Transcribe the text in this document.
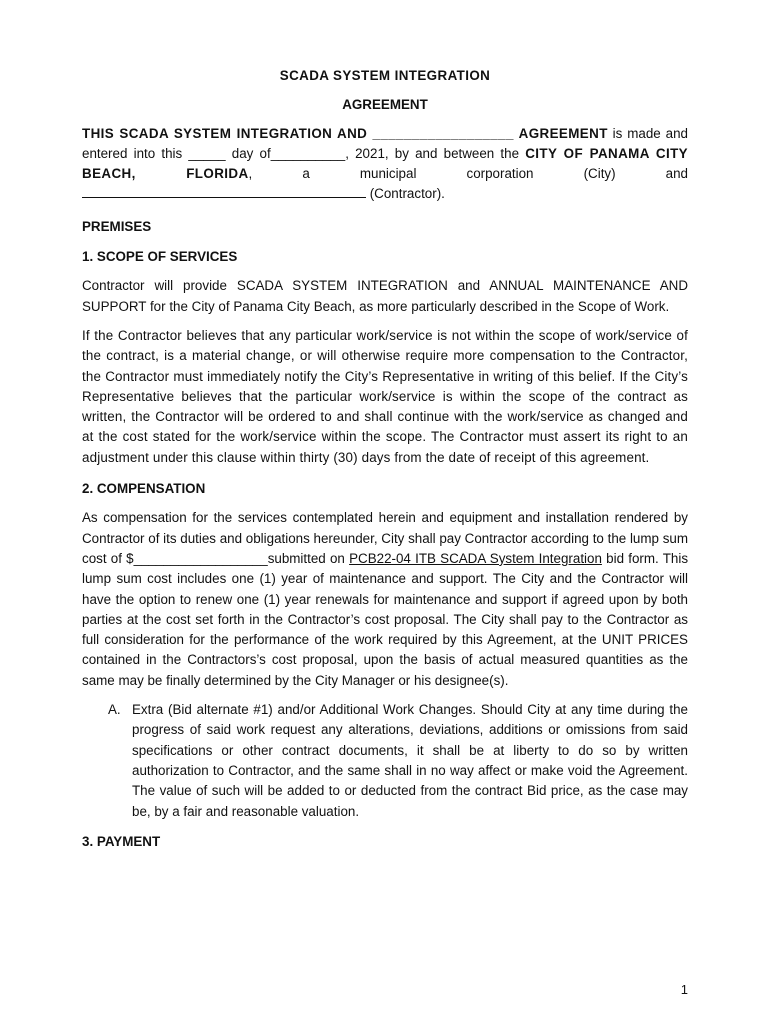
SCADA SYSTEM INTEGRATION
AGREEMENT

THIS SCADA SYSTEM INTEGRATION AND __________________ AGREEMENT is made and entered into this _____ day of__________, 2021, by and between the CITY OF PANAMA CITY BEACH, FLORIDA, a municipal corporation (City) and  (Contractor).

PREMISES
1. SCOPE OF SERVICES

Contractor will provide SCADA SYSTEM INTEGRATION and ANNUAL MAINTENANCE AND SUPPORT for the City of Panama City Beach, as more particularly described in the Scope of Work.

If the Contractor believes that any particular work/service is not within the scope of work/service of the contract, is a material change, or will otherwise require more compensation to the Contractor, the Contractor must immediately notify the City’s Representative in writing of this belief. If the City’s Representative believes that the particular work/service is within the scope of the contract as written, the Contractor will be ordered to and shall continue with the work/service as changed and at the cost stated for the work/service within the scope. The Contractor must assert its right to an adjustment under this clause within thirty (30) days from the date of receipt of this agreement.

2. COMPENSATION

As compensation for the services contemplated herein and equipment and installation rendered by Contractor of its duties and obligations hereunder, City shall pay Contractor according to the lump sum cost of $__________________submitted on PCB22-04 ITB SCADA System Integration bid form. This lump sum cost includes one (1) year of maintenance and support. The City and the Contractor will have the option to renew one (1) year renewals for maintenance and support if agreed upon by both parties at the cost set forth in the Contractor’s cost proposal. The City shall pay to the Contractor as full consideration for the performance of the work required by this Agreement, at the UNIT PRICES contained in the Contractors’s cost proposal, upon the basis of actual measured quantities as the same may be finally determined by the City Manager or his designee(s).

A. Extra (Bid alternate #1) and/or Additional Work Changes. Should City at any time during the progress of said work request any alterations, deviations, additions or omissions from said specifications or other contract documents, it shall be at liberty to do so by written authorization to Contractor, and the same shall in no way affect or make void the Agreement. The value of such will be added to or deducted from the contract Bid price, as the case may be, by a fair and reasonable valuation.
3. PAYMENT
1
